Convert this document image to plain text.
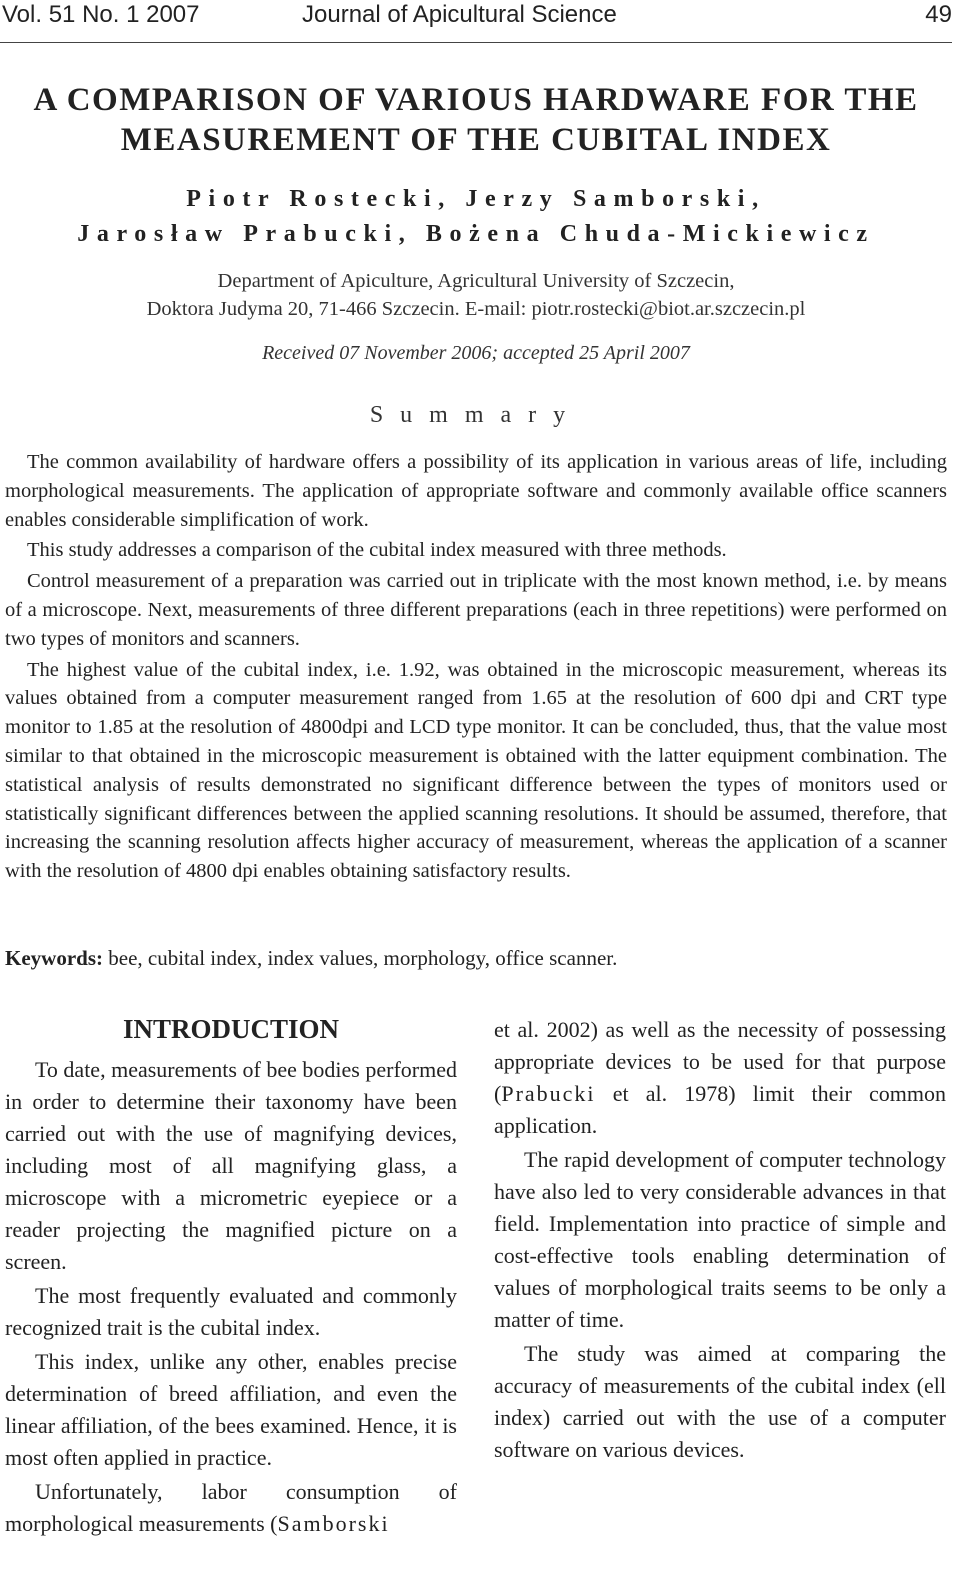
Vol. 51 No. 1 2007	Journal of Apicultural Science	49
A COMPARISON OF VARIOUS HARDWARE FOR THE
MEASUREMENT OF THE CUBITAL INDEX
Piotr Rostecki, Jerzy Samborski,
Jarosław Prabucki, Bożena Chuda-Mickiewicz
Department of Apiculture, Agricultural University of Szczecin,
Doktora Judyma 20, 71-466 Szczecin. E-mail: piotr.rostecki@biot.ar.szczecin.pl
Received 07 November 2006; accepted 25 April 2007
Summary

The common availability of hardware offers a possibility of its application in various areas of life, including morphological measurements. The application of appropriate software and commonly available office scanners enables considerable simplification of work.

This study addresses a comparison of the cubital index measured with three methods.

Control measurement of a preparation was carried out in triplicate with the most known method, i.e. by means of a microscope. Next, measurements of three different preparations (each in three repetitions) were performed on two types of monitors and scanners.

The highest value of the cubital index, i.e. 1.92, was obtained in the microscopic measurement, whereas its values obtained from a computer measurement ranged from 1.65 at the resolution of 600 dpi and CRT type monitor to 1.85 at the resolution of 4800dpi and LCD type monitor. It can be concluded, thus, that the value most similar to that obtained in the microscopic measurement is obtained with the latter equipment combination. The statistical analysis of results demonstrated no significant difference between the types of monitors used or statistically significant differences between the applied scanning resolutions. It should be assumed, therefore, that increasing the scanning resolution affects higher accuracy of measurement, whereas the application of a scanner with the resolution of 4800 dpi enables obtaining satisfactory results.

Keywords: bee, cubital index, index values, morphology, office scanner.
INTRODUCTION

To date, measurements of bee bodies performed in order to determine their taxonomy have been carried out with the use of magnifying devices, including most of all magnifying glass, a microscope with a micrometric eyepiece or a reader projecting the magnified picture on a screen.

The most frequently evaluated and commonly recognized trait is the cubital index.

This index, unlike any other, enables precise determination of breed affiliation, and even the linear affiliation, of the bees examined. Hence, it is most often applied in practice.

Unfortunately, labor consumption of morphological measurements (Samborski

et al. 2002) as well as the necessity of possessing appropriate devices to be used for that purpose (Prabucki et al. 1978) limit their common application.

The rapid development of computer technology have also led to very considerable advances in that field. Implementation into practice of simple and cost-effective tools enabling determination of values of morphological traits seems to be only a matter of time.

The study was aimed at comparing the accuracy of measurements of the cubital index (ell index) carried out with the use of a computer software on various devices.
